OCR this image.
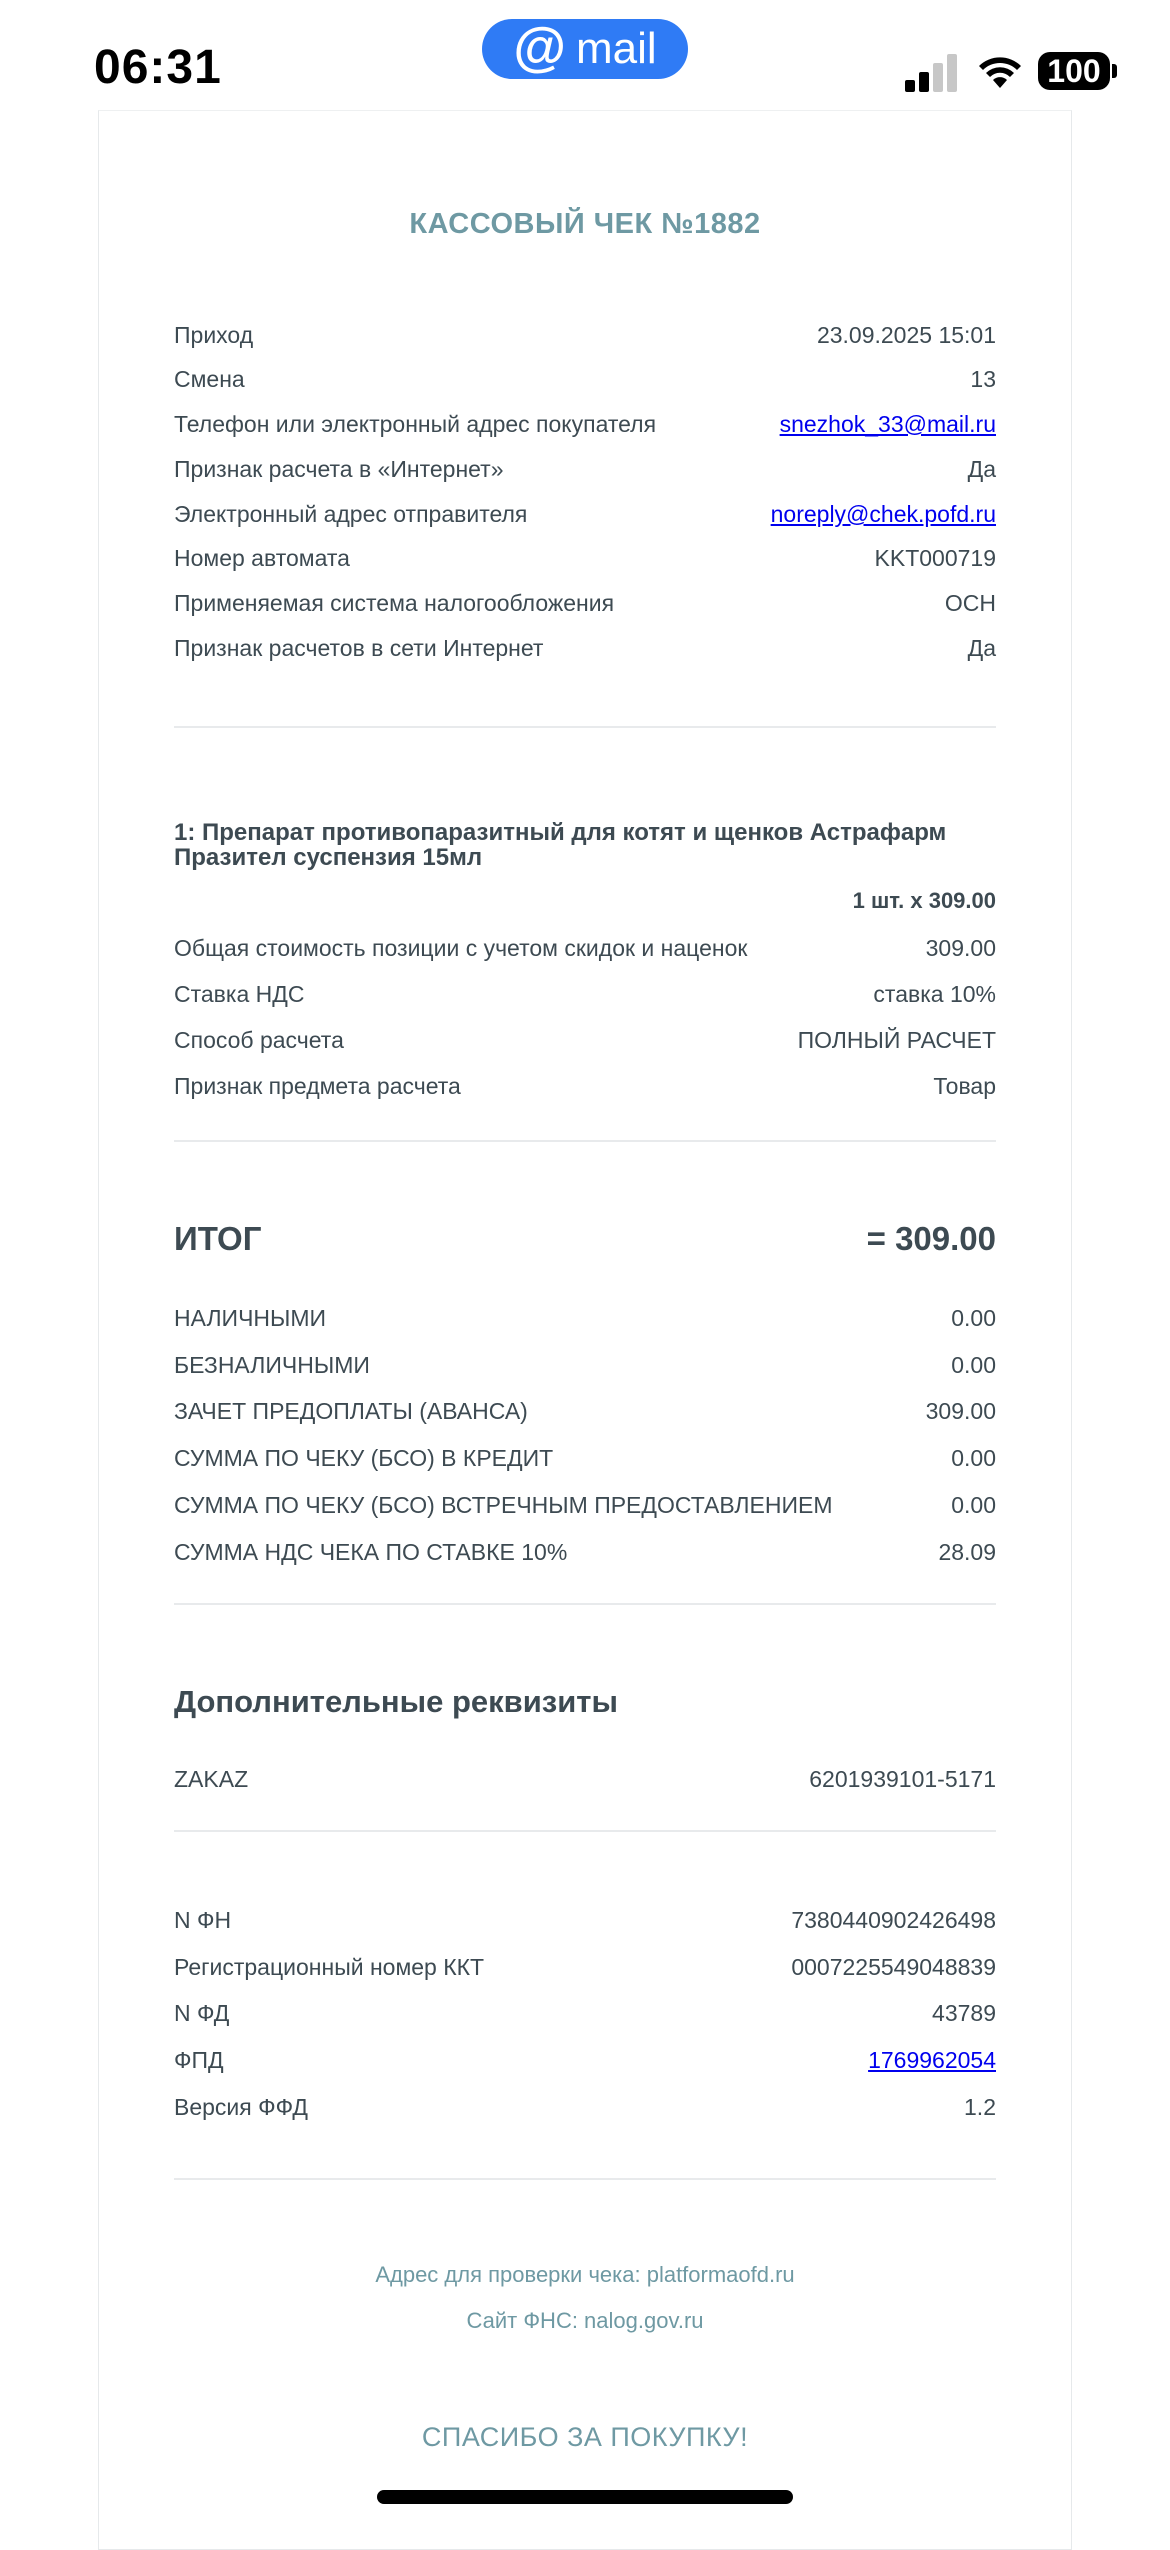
06:31	@ mail	100
КАССОВЫЙ ЧЕК №1882
Приход	23.09.2025 15:01
Смена	13
Телефон или электронный адрес покупателя	snezhok_33@mail.ru
Признак расчета в «Интернет»	Да
Электронный адрес отправителя	noreply@chek.pofd.ru
Номер автомата	KKT000719
Применяемая система налогообложения	ОСН
Признак расчетов в сети Интернет	Да
1: Препарат противопаразитный для котят и щенков Астрафарм Празител суспензия 15мл
1 шт. x 309.00
Общая стоимость позиции с учетом скидок и наценок	309.00
Ставка НДС	ставка 10%
Способ расчета	ПОЛНЫЙ РАСЧЕТ
Признак предмета расчета	Товар
ИТОГ	= 309.00
НАЛИЧНЫМИ	0.00
БЕЗНАЛИЧНЫМИ	0.00
ЗАЧЕТ ПРЕДОПЛАТЫ (АВАНСА)	309.00
СУММА ПО ЧЕКУ (БСО) В КРЕДИТ	0.00
СУММА ПО ЧЕКУ (БСО) ВСТРЕЧНЫМ ПРЕДОСТАВЛЕНИЕМ	0.00
СУММА НДС ЧЕКА ПО СТАВКЕ 10%	28.09
Дополнительные реквизиты
ZAKAZ	6201939101-5171
N ФН	7380440902426498
Регистрационный номер ККТ	0007225549048839
N ФД	43789
ФПД	1769962054
Версия ФФД	1.2
Адрес для проверки чека: platformaofd.ru
Сайт ФНС: nalog.gov.ru
СПАСИБО ЗА ПОКУПКУ!
